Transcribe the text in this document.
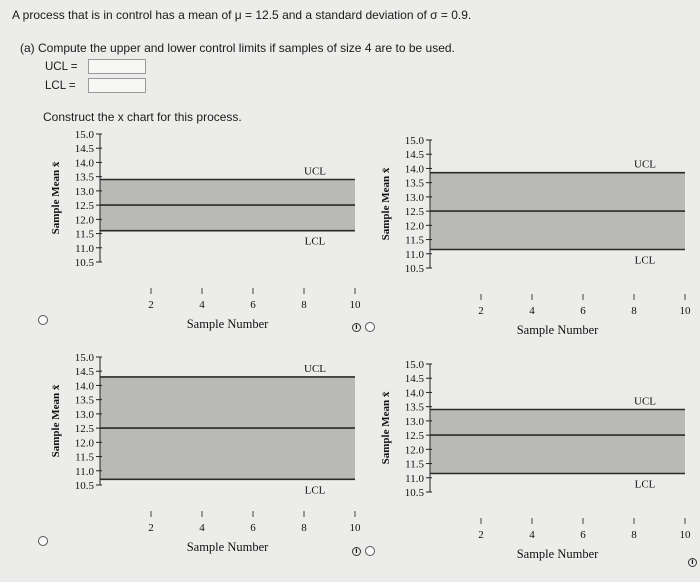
A process that is in control has a mean of μ = 12.5 and a standard deviation of σ = 0.9.
(a) Compute the upper and lower control limits if samples of size 4 are to be used.
UCL =
LCL =
Construct the x chart for this process.
15.0
14.5
14.0
13.5
13.0
12.5
12.0
11.5
11.0
10.5
2	4	6	8	10
UCL
LCL
Sample Mean x̄
Sample Number
15.0
14.5
14.0
13.5
13.0
12.5
12.0
11.5
11.0
10.5
2	4	6	8	10
UCL
LCL
Sample Mean x̄
Sample Number
15.0
14.5
14.0
13.5
13.0
12.5
12.0
11.5
11.0
10.5
2	4	6	8	10
UCL
LCL
Sample Mean x̄
Sample Number
15.0
14.5
14.0
13.5
13.0
12.5
12.0
11.5
11.0
10.5
2	4	6	8	10
UCL
LCL
Sample Mean x̄
Sample Number
i
i
i
